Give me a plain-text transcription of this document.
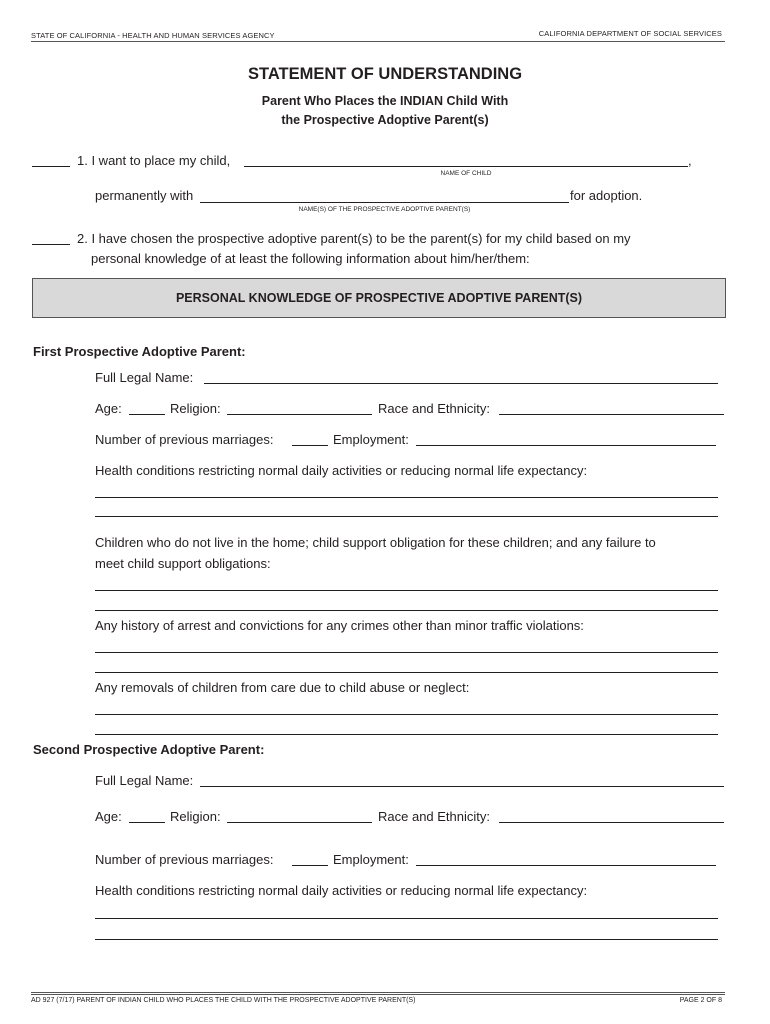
STATE OF CALIFORNIA - HEALTH AND HUMAN SERVICES AGENCY	CALIFORNIA DEPARTMENT OF SOCIAL SERVICES
STATEMENT OF UNDERSTANDING
Parent Who Places the INDIAN Child With
the Prospective Adoptive Parent(s)
1. I want to place my child,	,
NAME OF CHILD
permanently with	for adoption.
NAME(S) OF THE PROSPECTIVE ADOPTIVE PARENT(S)
2. I have chosen the prospective adoptive parent(s) to be the parent(s) for my child based on my
personal knowledge of at least the following information about him/her/them:
PERSONAL KNOWLEDGE OF PROSPECTIVE ADOPTIVE PARENT(S)
First Prospective Adoptive Parent:
Full Legal Name:
Age:	Religion:	Race and Ethnicity:
Number of previous marriages:	Employment:
Health conditions restricting normal daily activities or reducing normal life expectancy:
Children who do not live in the home; child support obligation for these children; and any failure to
meet child support obligations:
Any history of arrest and convictions for any crimes other than minor traffic violations:
Any removals of children from care due to child abuse or neglect:
Second Prospective Adoptive Parent:
Full Legal Name:
Age:	Religion:	Race and Ethnicity:
Number of previous marriages:	Employment:
Health conditions restricting normal daily activities or reducing normal life expectancy:
AD 927 (7/17) PARENT OF INDIAN CHILD WHO PLACES THE CHILD WITH THE PROSPECTIVE ADOPTIVE PARENT(S)	PAGE 2 OF 8
